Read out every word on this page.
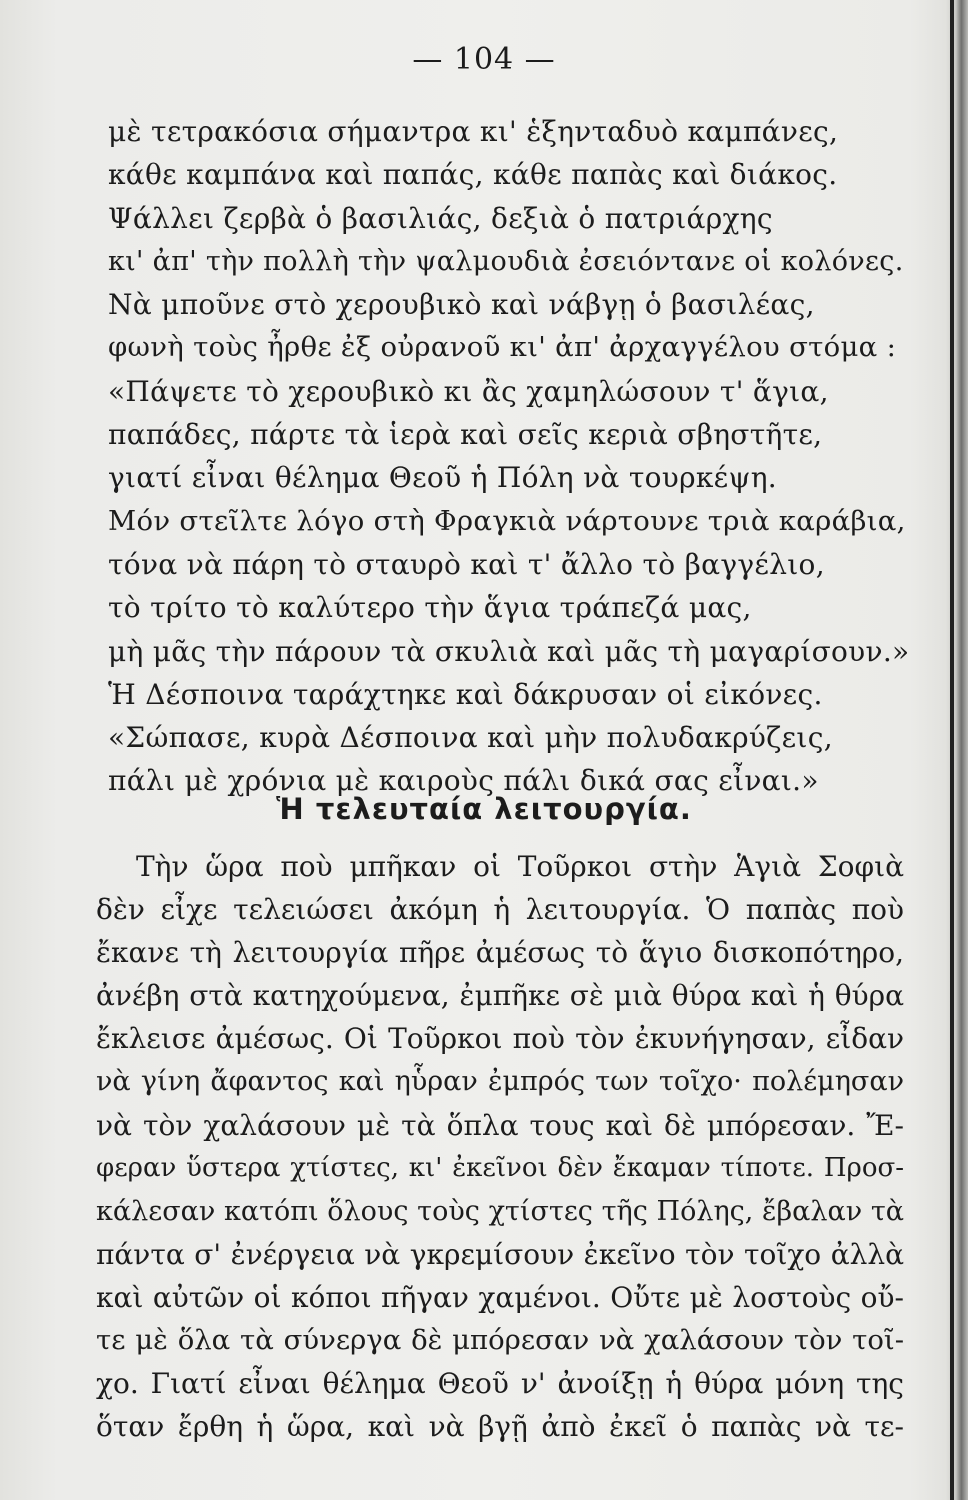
— 104 —
μὲ τετρακόσια σήμαντρα κι' ἑξηνταδυὸ καμπάνες,
κάθε καμπάνα καὶ παπάς, κάθε παπὰς καὶ διάκος.
Ψάλλει ζερβὰ ὁ βασιλιάς, δεξιὰ ὁ πατριάρχης
κι' ἀπ' τὴν πολλὴ τὴν ψαλμουδιὰ ἐσειόντανε οἱ κολόνες.
Νὰ μποῦνε στὸ χερουβικὸ καὶ νάβγῃ ὁ βασιλέας,
φωνὴ τοὺς ἦρθε ἐξ οὐρανοῦ κι' ἀπ' ἀρχαγγέλου στόμα :
«Πάψετε τὸ χερουβικὸ κι ἂς χαμηλώσουν τ' ἅγια,
παπάδες, πάρτε τὰ ἱερὰ καὶ σεῖς κεριὰ σβηστῆτε,
γιατί εἶναι θέλημα Θεοῦ ἡ Πόλη νὰ τουρκέψη.
Μόν στεῖλτε λόγο στὴ Φραγκιὰ νάρτουνε τριὰ καράβια,
τόνα νὰ πάρη τὸ σταυρὸ καὶ τ' ἄλλο τὸ βαγγέλιο,
τὸ τρίτο τὸ καλύτερο τὴν ἅγια τράπεζά μας,
μὴ μᾶς τὴν πάρουν τὰ σκυλιὰ καὶ μᾶς τὴ μαγαρίσουν.»
Ἡ Δέσποινα ταράχτηκε καὶ δάκρυσαν οἱ εἰκόνες.
«Σώπασε, κυρὰ Δέσποινα καὶ μὴν πολυδακρύζεις,
πάλι μὲ χρόνια μὲ καιροὺς πάλι δικά σας εἶναι.»
Ἡ τελευταία λειτουργία.
Τὴν ὥρα ποὺ μπῆκαν οἱ Τοῦρκοι στὴν Ἁγιὰ Σοφιὰ
δὲν εἶχε τελειώσει ἀκόμη ἡ λειτουργία. Ὁ παπὰς ποὺ
ἔκανε τὴ λειτουργία πῆρε ἀμέσως τὸ ἅγιο δισκοπότηρο,
ἀνέβη στὰ κατηχούμενα, ἐμπῆκε σὲ μιὰ θύρα καὶ ἡ θύρα
ἔκλεισε ἀμέσως. Οἱ Τοῦρκοι ποὺ τὸν ἐκυνήγησαν, εἶδαν
νὰ γίνη ἄφαντος καὶ ηὗραν ἐμπρός των τοῖχο· πολέμησαν
νὰ τὸν χαλάσουν μὲ τὰ ὅπλα τους καὶ δὲ μπόρεσαν. Ἔ-
φεραν ὕστερα χτίστες, κι' ἐκεῖνοι δὲν ἔκαμαν τίποτε. Προσ-
κάλεσαν κατόπι ὅλους τοὺς χτίστες τῆς Πόλης, ἔβαλαν τὰ
πάντα σ' ἐνέργεια νὰ γκρεμίσουν ἐκεῖνο τὸν τοῖχο ἀλλὰ
καὶ αὐτῶν οἱ κόποι πῆγαν χαμένοι. Οὔτε μὲ λοστοὺς οὔ-
τε μὲ ὅλα τὰ σύνεργα δὲ μπόρεσαν νὰ χαλάσουν τὸν τοῖ-
χο. Γιατί εἶναι θέλημα Θεοῦ ν' ἀνοίξῃ ἡ θύρα μόνη της
ὅταν ἔρθη ἡ ὥρα, καὶ νὰ βγῇ ἀπὸ ἐκεῖ ὁ παπὰς νὰ τε-
